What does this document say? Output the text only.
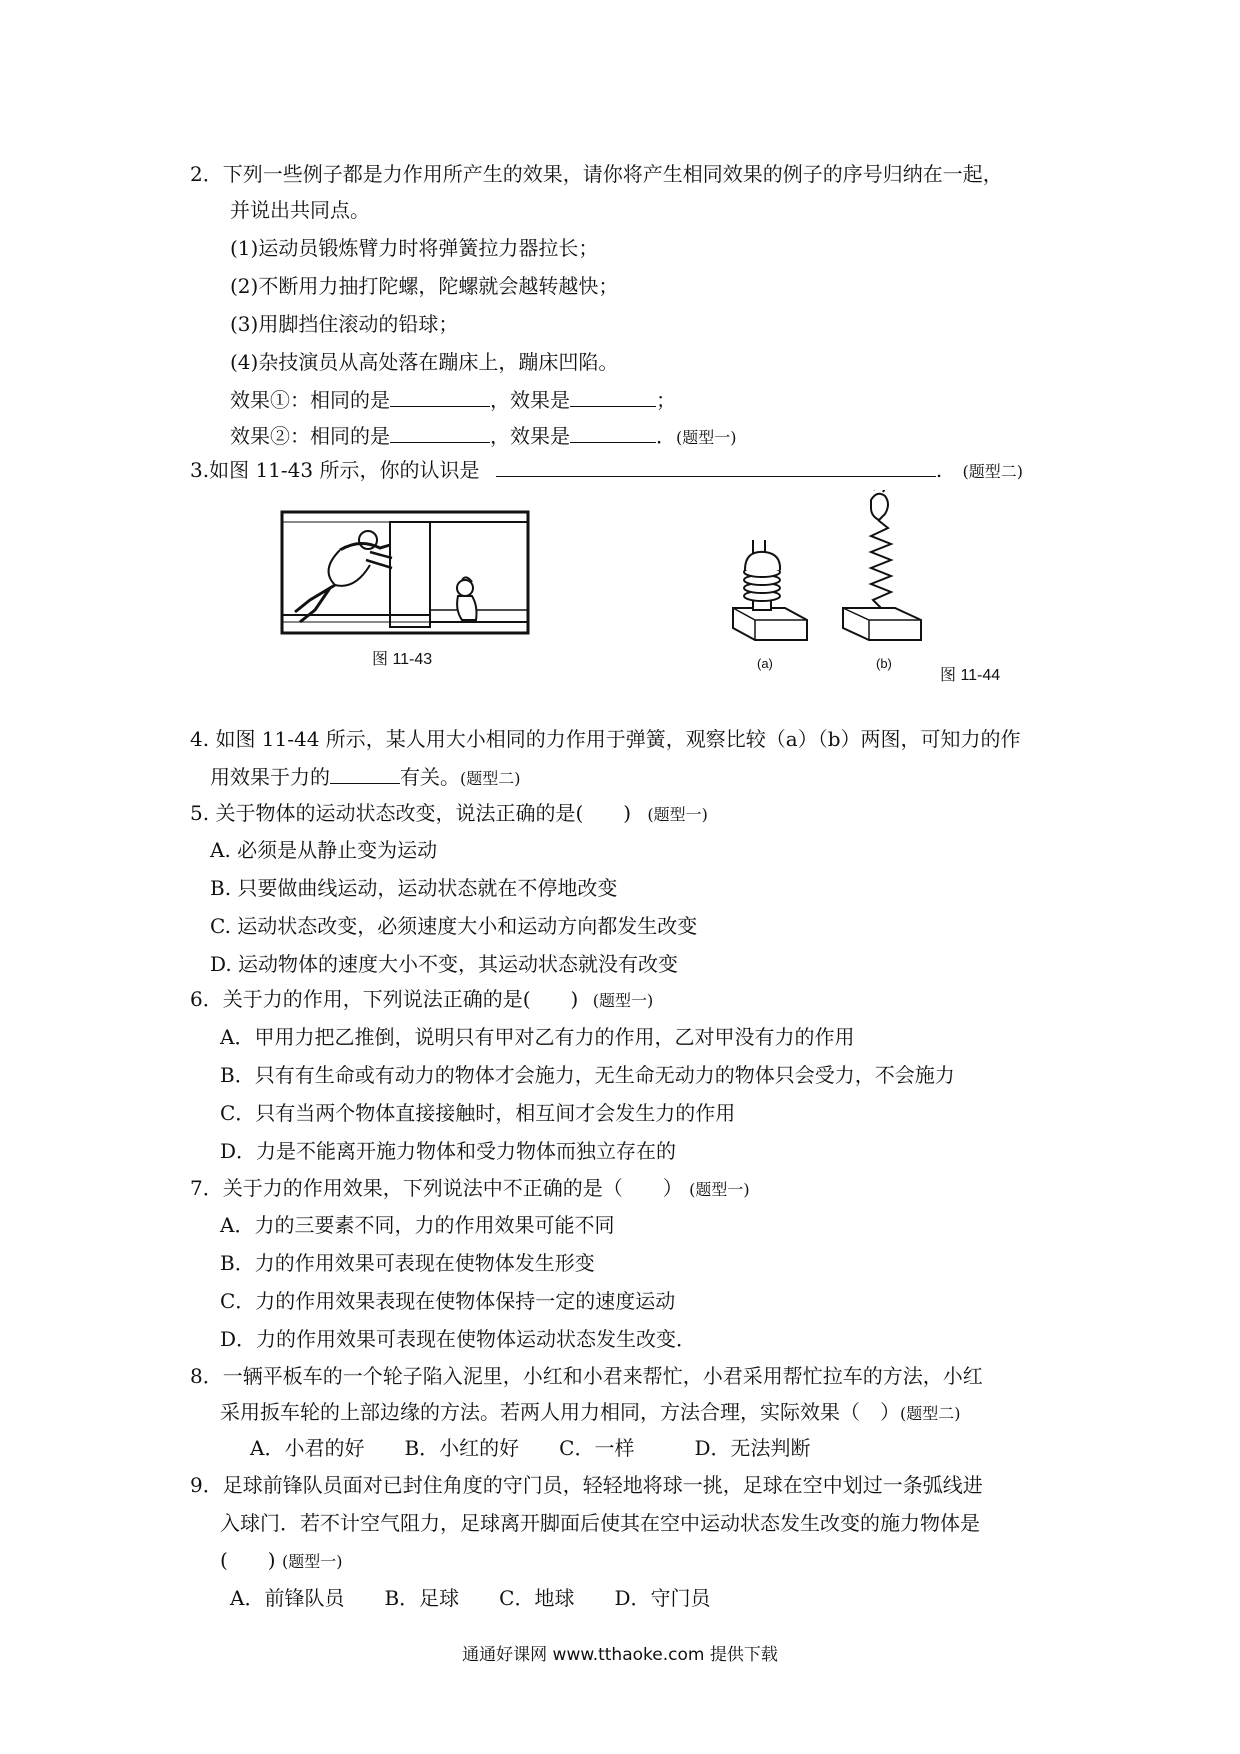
2．下列一些例子都是力作用所产生的效果，请你将产生相同效果的例子的序号归纳在一起，
并说出共同点。
(1)运动员锻炼臂力时将弹簧拉力器拉长；
(2)不断用力抽打陀螺，陀螺就会越转越快；
(3)用脚挡住滚动的铅球；
(4)杂技演员从高处落在蹦床上，蹦床凹陷。
效果①：相同的是	，效果是	；
效果②：相同的是	，效果是	．(题型一)
3.如图 11-43 所示，你的认识是	. (题型二)
图 11-43	(a)	(b)
图 11-44
4. 如图 11-44 所示，某人用大小相同的力作用于弹簧，观察比较（a）（b）两图，可知力的作
用效果于力的	有关。(题型二)
5. 关于物体的运动状态改变，说法正确的是(　　) (题型一)
A. 必须是从静止变为运动
B. 只要做曲线运动，运动状态就在不停地改变
C. 运动状态改变，必须速度大小和运动方向都发生改变
D. 运动物体的速度大小不变，其运动状态就没有改变
6．关于力的作用，下列说法正确的是(　　) (题型一)
A．甲用力把乙推倒，说明只有甲对乙有力的作用，乙对甲没有力的作用
B．只有有生命或有动力的物体才会施力，无生命无动力的物体只会受力，不会施力
C．只有当两个物体直接接触时，相互间才会发生力的作用
D．力是不能离开施力物体和受力物体而独立存在的
7．关于力的作用效果，下列说法中不正确的是（　　） (题型一)
A．力的三要素不同，力的作用效果可能不同
B．力的作用效果可表现在使物体发生形变
C．力的作用效果表现在使物体保持一定的速度运动
D．力的作用效果可表现在使物体运动状态发生改变．
8．一辆平板车的一个轮子陷入泥里，小红和小君来帮忙，小君采用帮忙拉车的方法，小红
采用扳车轮的上部边缘的方法。若两人用力相同，方法合理，实际效果（　）(题型二)
A．小君的好　　B．小红的好　　C．一样　　　D．无法判断
9．足球前锋队员面对已封住角度的守门员，轻轻地将球一挑，足球在空中划过一条弧线进
入球门．若不计空气阻力，足球离开脚面后使其在空中运动状态发生改变的施力物体是
(　　) (题型一)
A．前锋队员　　B．足球　　C．地球　　D．守门员
通通好课网 www.tthaoke.com 提供下载
